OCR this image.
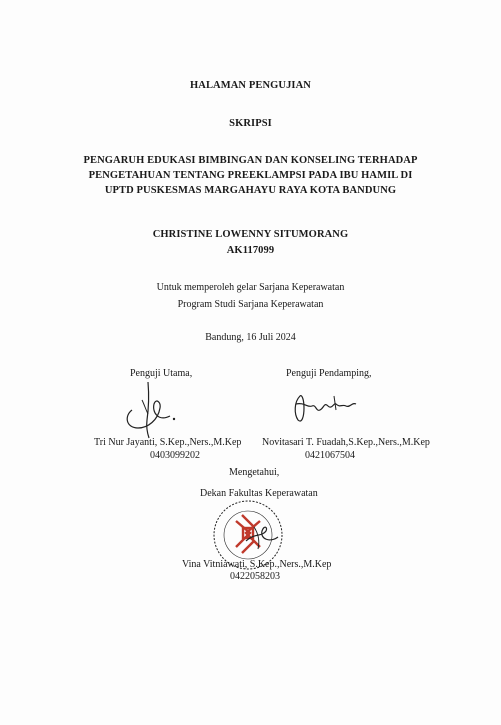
HALAMAN PENGUJIAN
SKRIPSI
PENGARUH EDUKASI BIMBINGAN DAN KONSELING TERHADAP
PENGETAHUAN TENTANG PREEKLAMPSI PADA IBU HAMIL DI
UPTD PUSKESMAS MARGAHAYU RAYA KOTA BANDUNG
CHRISTINE LOWENNY SITUMORANG
AK117099
Untuk memperoleh gelar Sarjana Keperawatan
Program Studi Sarjana Keperawatan
Bandung, 16 Juli 2024
Penguji Utama,	Penguji Pendamping,
Tri Nur Jayanti, S.Kep.,Ners.,M.Kep
0403099202
Novitasari T. Fuadah,S.Kep.,Ners.,M.Kep
0421067504
Mengetahui,
Dekan Fakultas Keperawatan
Vina Vitniawati, S.Kep.,Ners.,M.Kep
0422058203
